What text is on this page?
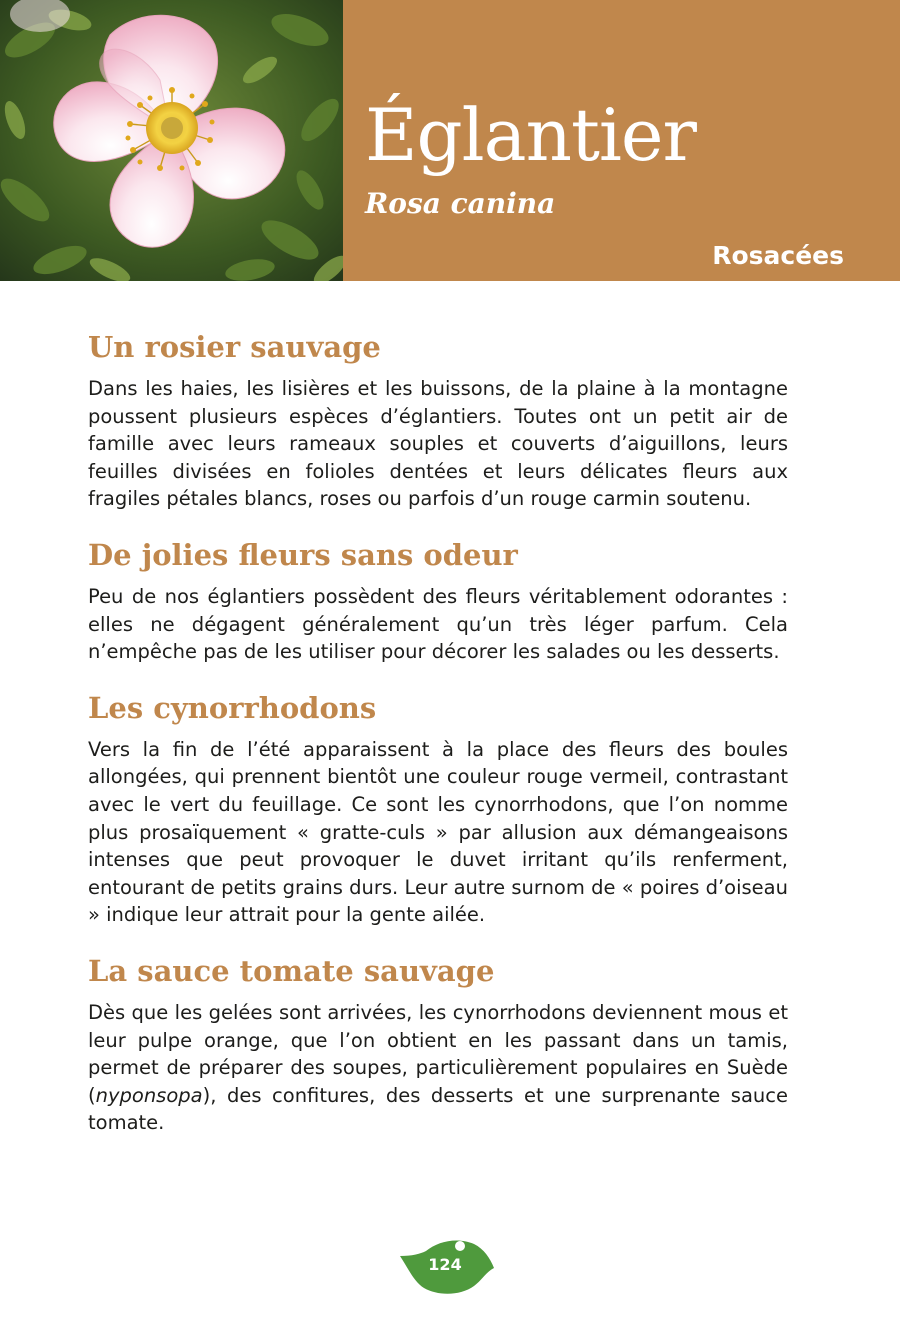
Églantier
Rosa canina
Rosacées
Un rosier sauvage

Dans les haies, les lisières et les buissons, de la plaine à la montagne poussent plusieurs espèces d’églantiers. Toutes ont un petit air de famille avec leurs rameaux souples et couverts d’aiguillons, leurs feuilles divisées en folioles dentées et leurs délicates fleurs aux fragiles pétales blancs, roses ou parfois d’un rouge carmin soutenu.

De jolies fleurs sans odeur

Peu de nos églantiers possèdent des fleurs véritablement odorantes : elles ne dégagent généralement qu’un très léger parfum. Cela n’empêche pas de les utiliser pour décorer les salades ou les desserts.

Les cynorrhodons

Vers la fin de l’été apparaissent à la place des fleurs des boules allongées, qui prennent bientôt une couleur rouge vermeil, contrastant avec le vert du feuillage. Ce sont les cynorrhodons, que l’on nomme plus prosaïquement « gratte-culs » par allusion aux démangeaisons intenses que peut provoquer le duvet irritant qu’ils renferment, entourant de petits grains durs. Leur autre surnom de « poires d’oiseau » indique leur attrait pour la gente ailée.

La sauce tomate sauvage

Dès que les gelées sont arrivées, les cynorrhodons deviennent mous et leur pulpe orange, que l’on obtient en les passant dans un tamis, permet de préparer des soupes, particulièrement populaires en Suède (nyponsopa), des confitures, des desserts et une surprenante sauce tomate.

124
